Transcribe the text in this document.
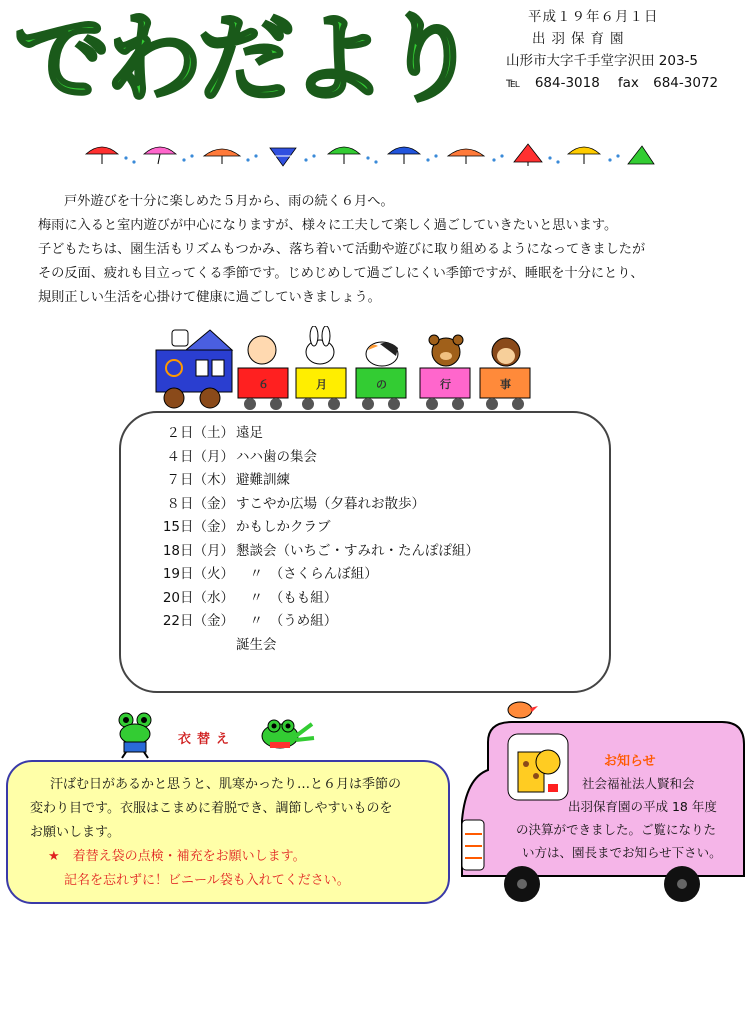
でわだより	平成１９年６月１日
出羽保育園
山形市大字千手堂字沢田 203-5
℡ 684-3018 fax 684-3072

戸外遊びを十分に楽しめた５月から、雨の続く６月へ。

梅雨に入ると室内遊びが中心になりますが、様々に工夫して楽しく過ごしていきたいと思います。

子どもたちは、園生活もリズムもつかみ、落ち着いて活動や遊びに取り組めるようになってきましたが

その反面、疲れも目立ってくる季節です。じめじめして過ごしにくい季節ですが、睡眠を十分にとり、

規則正しい生活を心掛けて健康に過ごしていきましょう。

６	月	の	行	事
２日（土） 遠足
４日（月） ハハ歯の集会
７日（木） 避難訓練
８日（金） すこやか広場（夕暮れお散歩）
15日（金） かもしかクラブ
18日（月） 懇談会（いちご・すみれ・たんぽぽ組）
19日（火） 　〃　（さくらんぼ組）
20日（水） 　〃　（もも組）
22日（金） 　〃　（うめ組）
誕生会
衣替え

汗ばむ日があるかと思うと、肌寒かったり…と６月は季節の

変わり目です。衣服はこまめに着脱でき、調節しやすいものを

お願いします。

★　着替え袋の点検・補充をお願いします。

記名を忘れずに！ビニール袋も入れてください。

お知らせ

社会福祉法人賢和会

出羽保育園の平成 18 年度

の決算ができました。ご覧になりた

い方は、園長までお知らせ下さい。
